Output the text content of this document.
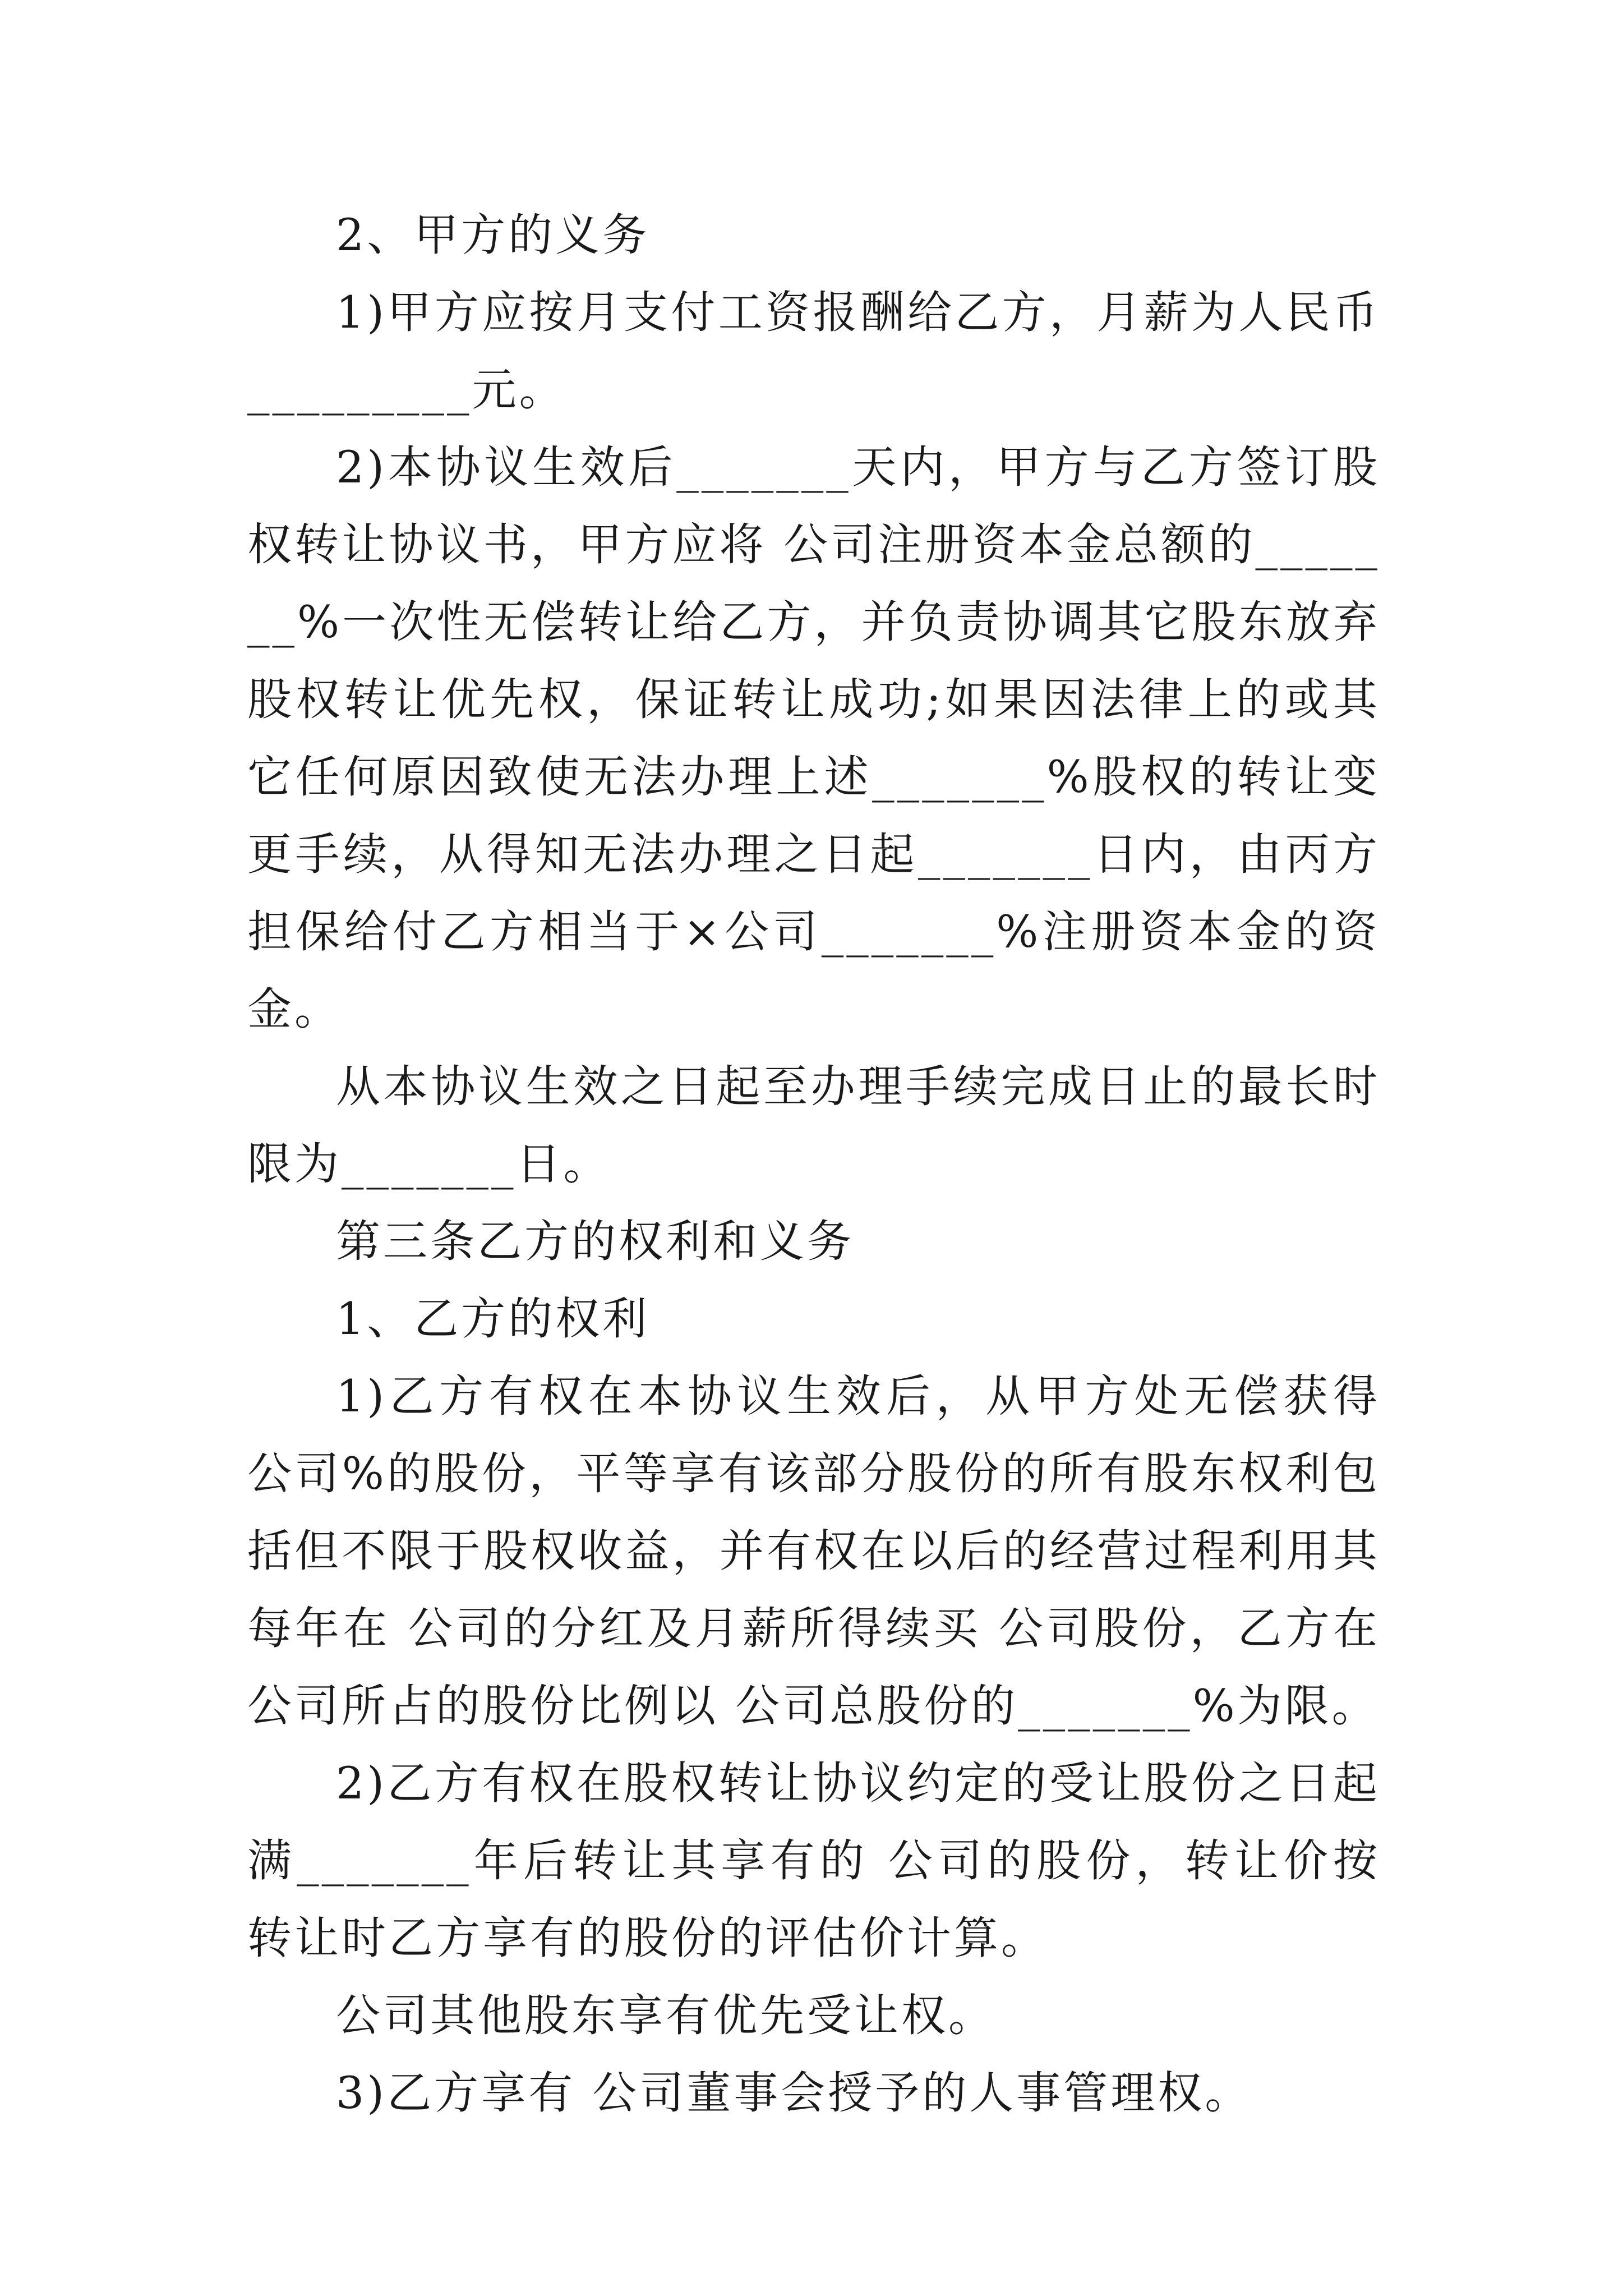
2、甲方的义务

1)甲方应按月支付工资报酬给乙方，月薪为人民币_________元。

2)本协议生效后_______天内，甲方与乙方签订股权转让协议书，甲方应将 公司注册资本金总额的_______%一次性无偿转让给乙方，并负责协调其它股东放弃股权转让优先权，保证转让成功;如果因法律上的或其它任何原因致使无法办理上述_______%股权的转让变更手续，从得知无法办理之日起_______日内，由丙方担保给付乙方相当于×公司_______%注册资本金的资金。

从本协议生效之日起至办理手续完成日止的最长时限为_______日。

第三条乙方的权利和义务

1、乙方的权利

1)乙方有权在本协议生效后，从甲方处无偿获得 公司%的股份，平等享有该部分股份的所有股东权利包括但不限于股权收益，并有权在以后的经营过程利用其每年在 公司的分红及月薪所得续买 公司股份，乙方在 公司所占的股份比例以 公司总股份的_______%为限。

2)乙方有权在股权转让协议约定的受让股份之日起满_______年后转让其享有的 公司的股份，转让价按转让时乙方享有的股份的评估价计算。

公司其他股东享有优先受让权。

3)乙方享有 公司董事会授予的人事管理权。
